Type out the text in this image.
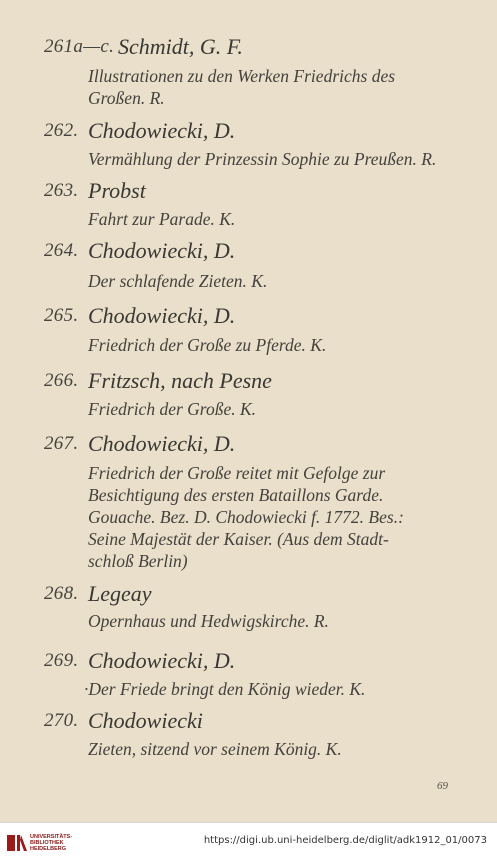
261a—c. Schmidt, G. F.
Illustrationen zu den Werken Friedrichs des
Großen. R.
262. Chodowiecki, D.
Vermählung der Prinzessin Sophie zu Preußen. R.
263. Probst
Fahrt zur Parade. K.
264. Chodowiecki, D.
Der schlafende Zieten. K.
265. Chodowiecki, D.
Friedrich der Große zu Pferde. K.
266. Fritzsch, nach Pesne
Friedrich der Große. K.
267. Chodowiecki, D.
Friedrich der Große reitet mit Gefolge zur
Besichtigung des ersten Bataillons Garde.
Gouache. Bez. D. Chodowiecki f. 1772. Bes.:
Seine Majestät der Kaiser. (Aus dem Stadt-
schloß Berlin)
268. Legeay
Opernhaus und Hedwigskirche. R.
269. Chodowiecki, D.
·Der Friede bringt den König wieder. K.
270. Chodowiecki
Zieten, sitzend vor seinem König. K.
69
UNIVERSITÄTS-
BIBLIOTHEK
HEIDELBERG
https://digi.ub.uni-heidelberg.de/diglit/adk1912_01/0073
